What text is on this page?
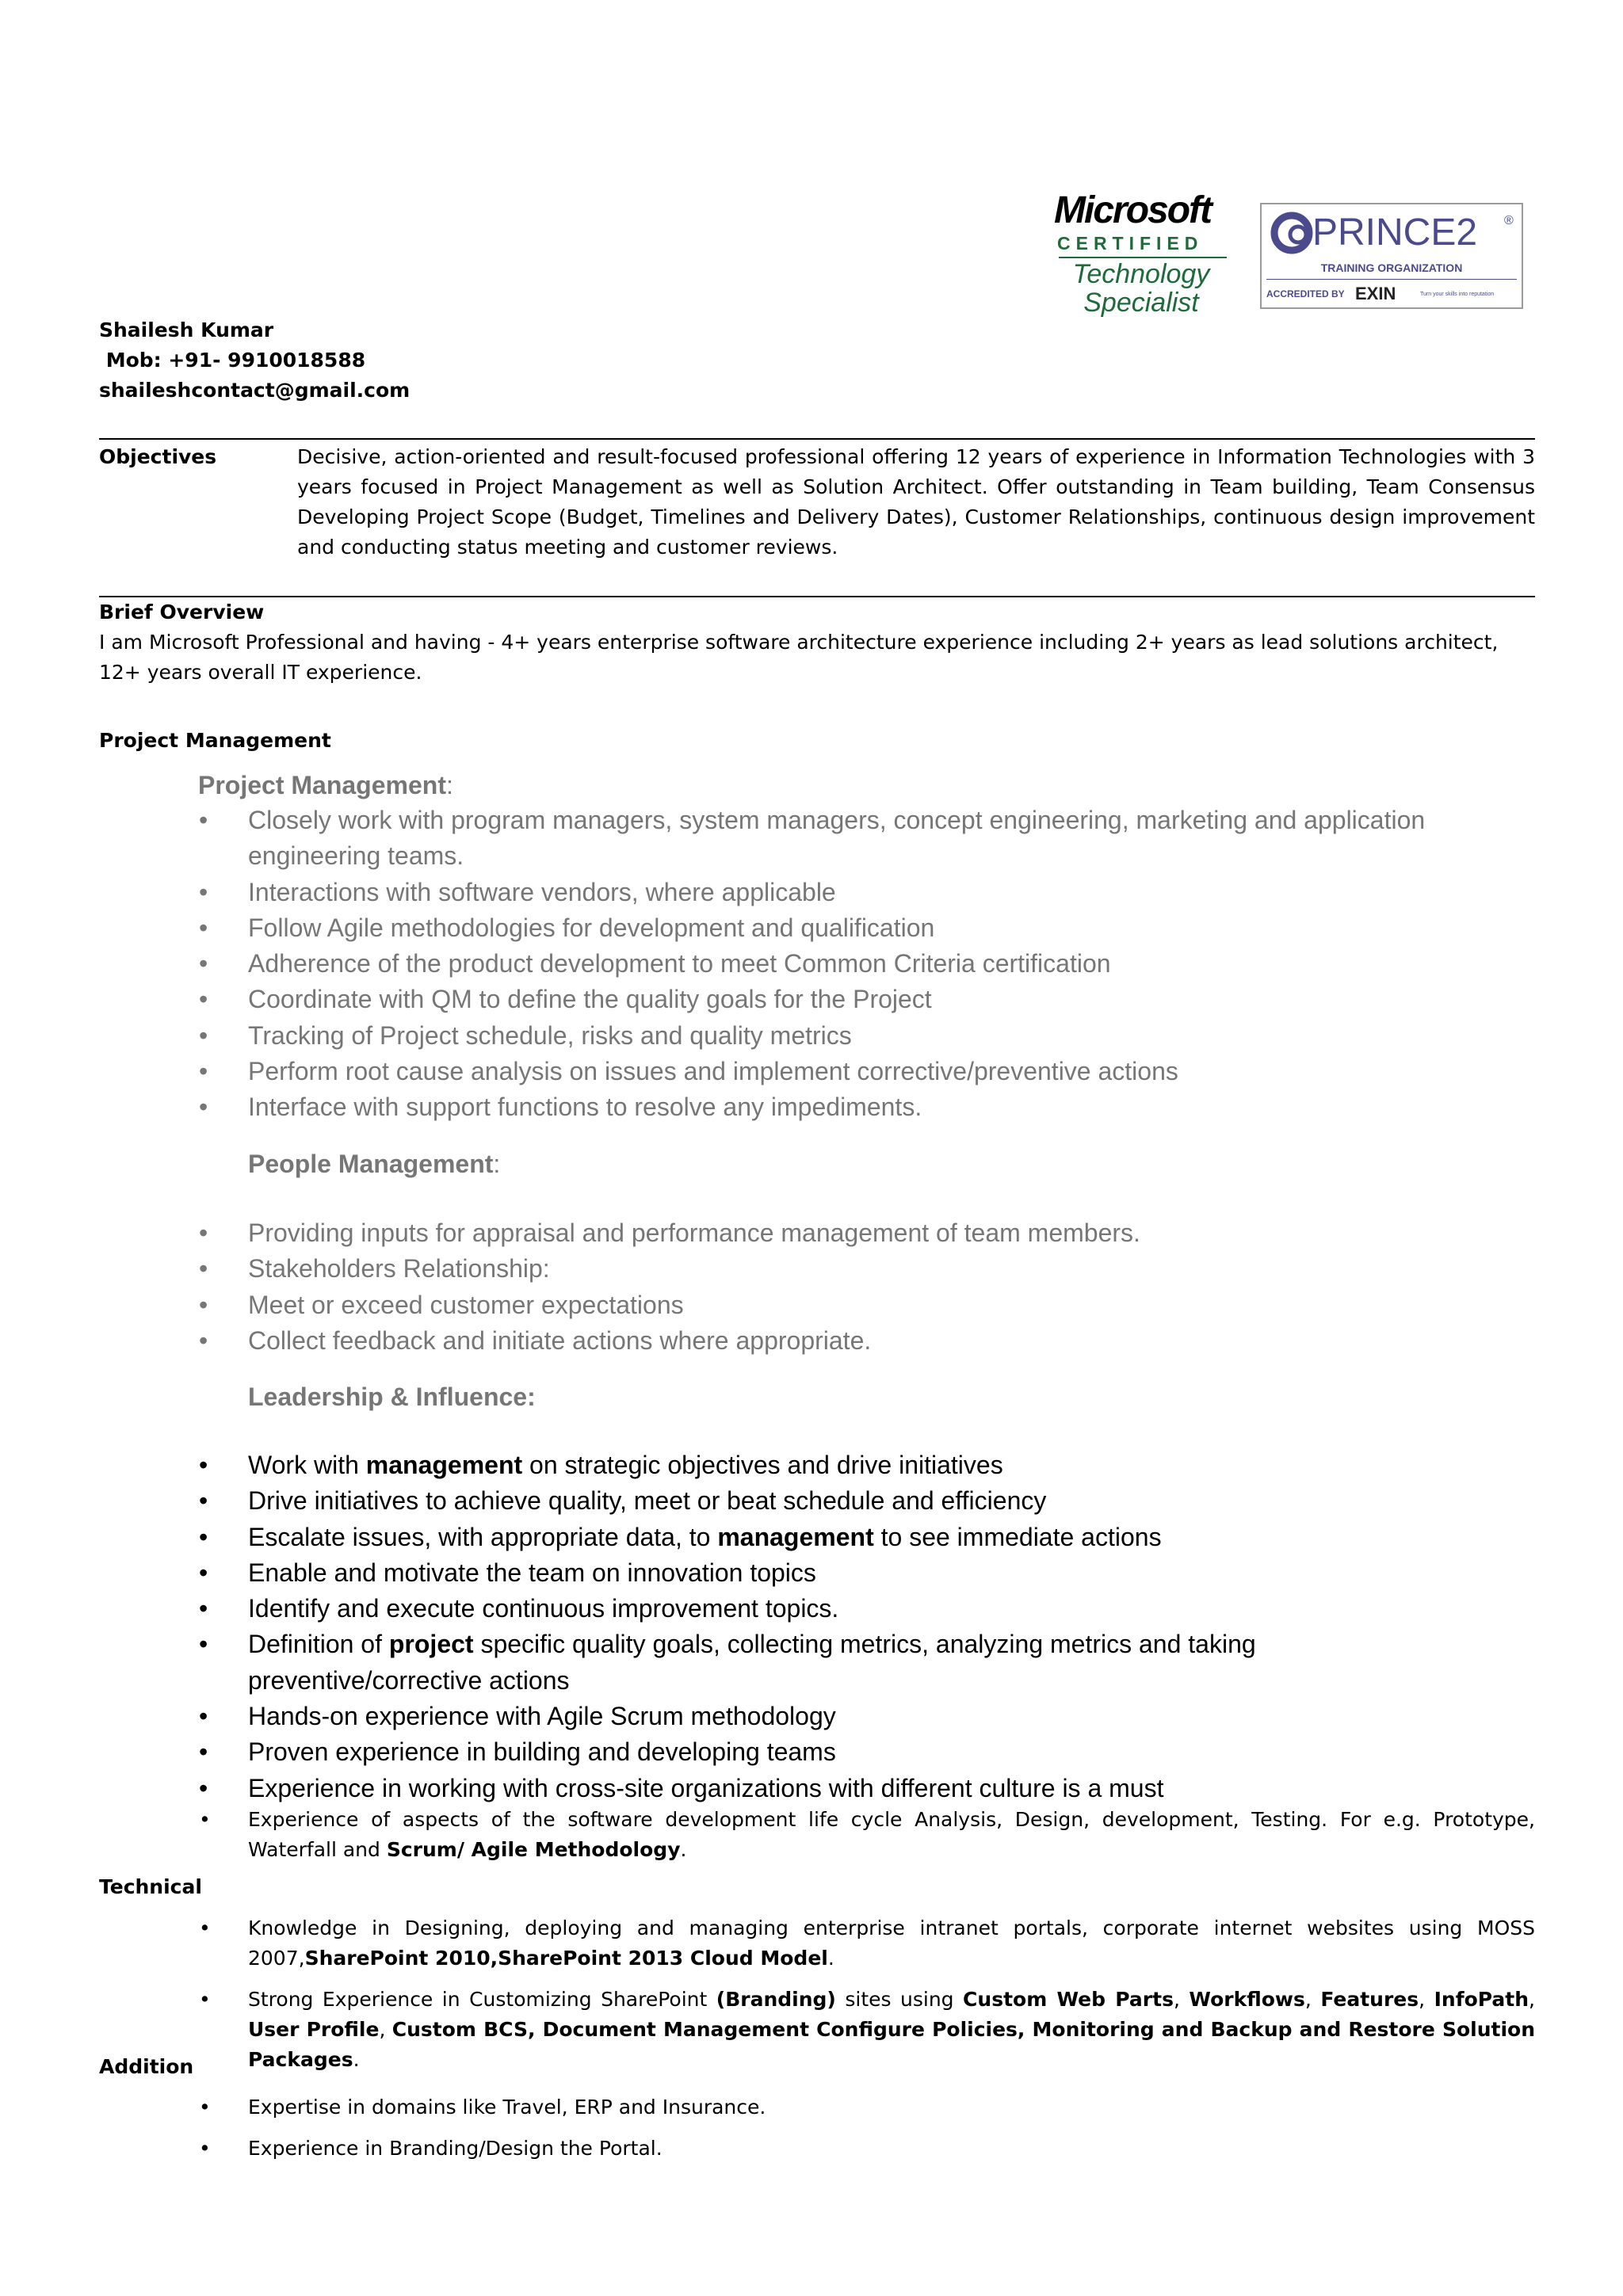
Microsoft
CERTIFIED
Technology
Specialist
PRINCE2 ®
TRAINING ORGANIZATION
ACCREDITED BY EXIN	Turn your skills into reputation
Shailesh Kumar
Mob: +91- 9910018588
shaileshcontact@gmail.com
Objectives	Decisive, action-oriented and result-focused professional offering 12 years of experience in Information Technologies with 3 years focused in Project Management as well as Solution Architect. Offer outstanding in Team building, Team Consensus Developing Project Scope (Budget, Timelines and Delivery Dates), Customer Relationships, continuous design improvement and conducting status meeting and customer reviews.
Brief Overview
I am Microsoft Professional and having - 4+ years enterprise software architecture experience including 2+ years as lead solutions architect, 12+ years overall IT experience.
Project Management
Project Management:
• Closely work with program managers, system managers, concept engineering, marketing and application engineering teams.
• Interactions with software vendors, where applicable
• Follow Agile methodologies for development and qualification
• Adherence of the product development to meet Common Criteria certification
• Coordinate with QM to define the quality goals for the Project
• Tracking of Project schedule, risks and quality metrics
• Perform root cause analysis on issues and implement corrective/preventive actions
• Interface with support functions to resolve any impediments.
People Management:
• Providing inputs for appraisal and performance management of team members.
• Stakeholders Relationship:
• Meet or exceed customer expectations
• Collect feedback and initiate actions where appropriate.
Leadership & Influence:
• Work with management on strategic objectives and drive initiatives
• Drive initiatives to achieve quality, meet or beat schedule and efficiency
• Escalate issues, with appropriate data, to management to see immediate actions
• Enable and motivate the team on innovation topics
• Identify and execute continuous improvement topics.
• Definition of project specific quality goals, collecting metrics, analyzing metrics and taking preventive/corrective actions
• Hands-on experience with Agile Scrum methodology
• Proven experience in building and developing teams
• Experience in working with cross-site organizations with different culture is a must
• Experience of aspects of the software development life cycle Analysis, Design, development, Testing. For e.g. Prototype, Waterfall and Scrum/ Agile Methodology.
Technical
• Knowledge in Designing, deploying and managing enterprise intranet portals, corporate internet websites using MOSS 2007,SharePoint 2010,SharePoint 2013 Cloud Model.
• Strong Experience in Customizing SharePoint (Branding) sites using Custom Web Parts, Workflows, Features, InfoPath, User Profile, Custom BCS, Document Management Configure Policies, Monitoring and Backup and Restore Solution Packages.
Addition
• Expertise in domains like Travel, ERP and Insurance.
• Experience in Branding/Design the Portal.
